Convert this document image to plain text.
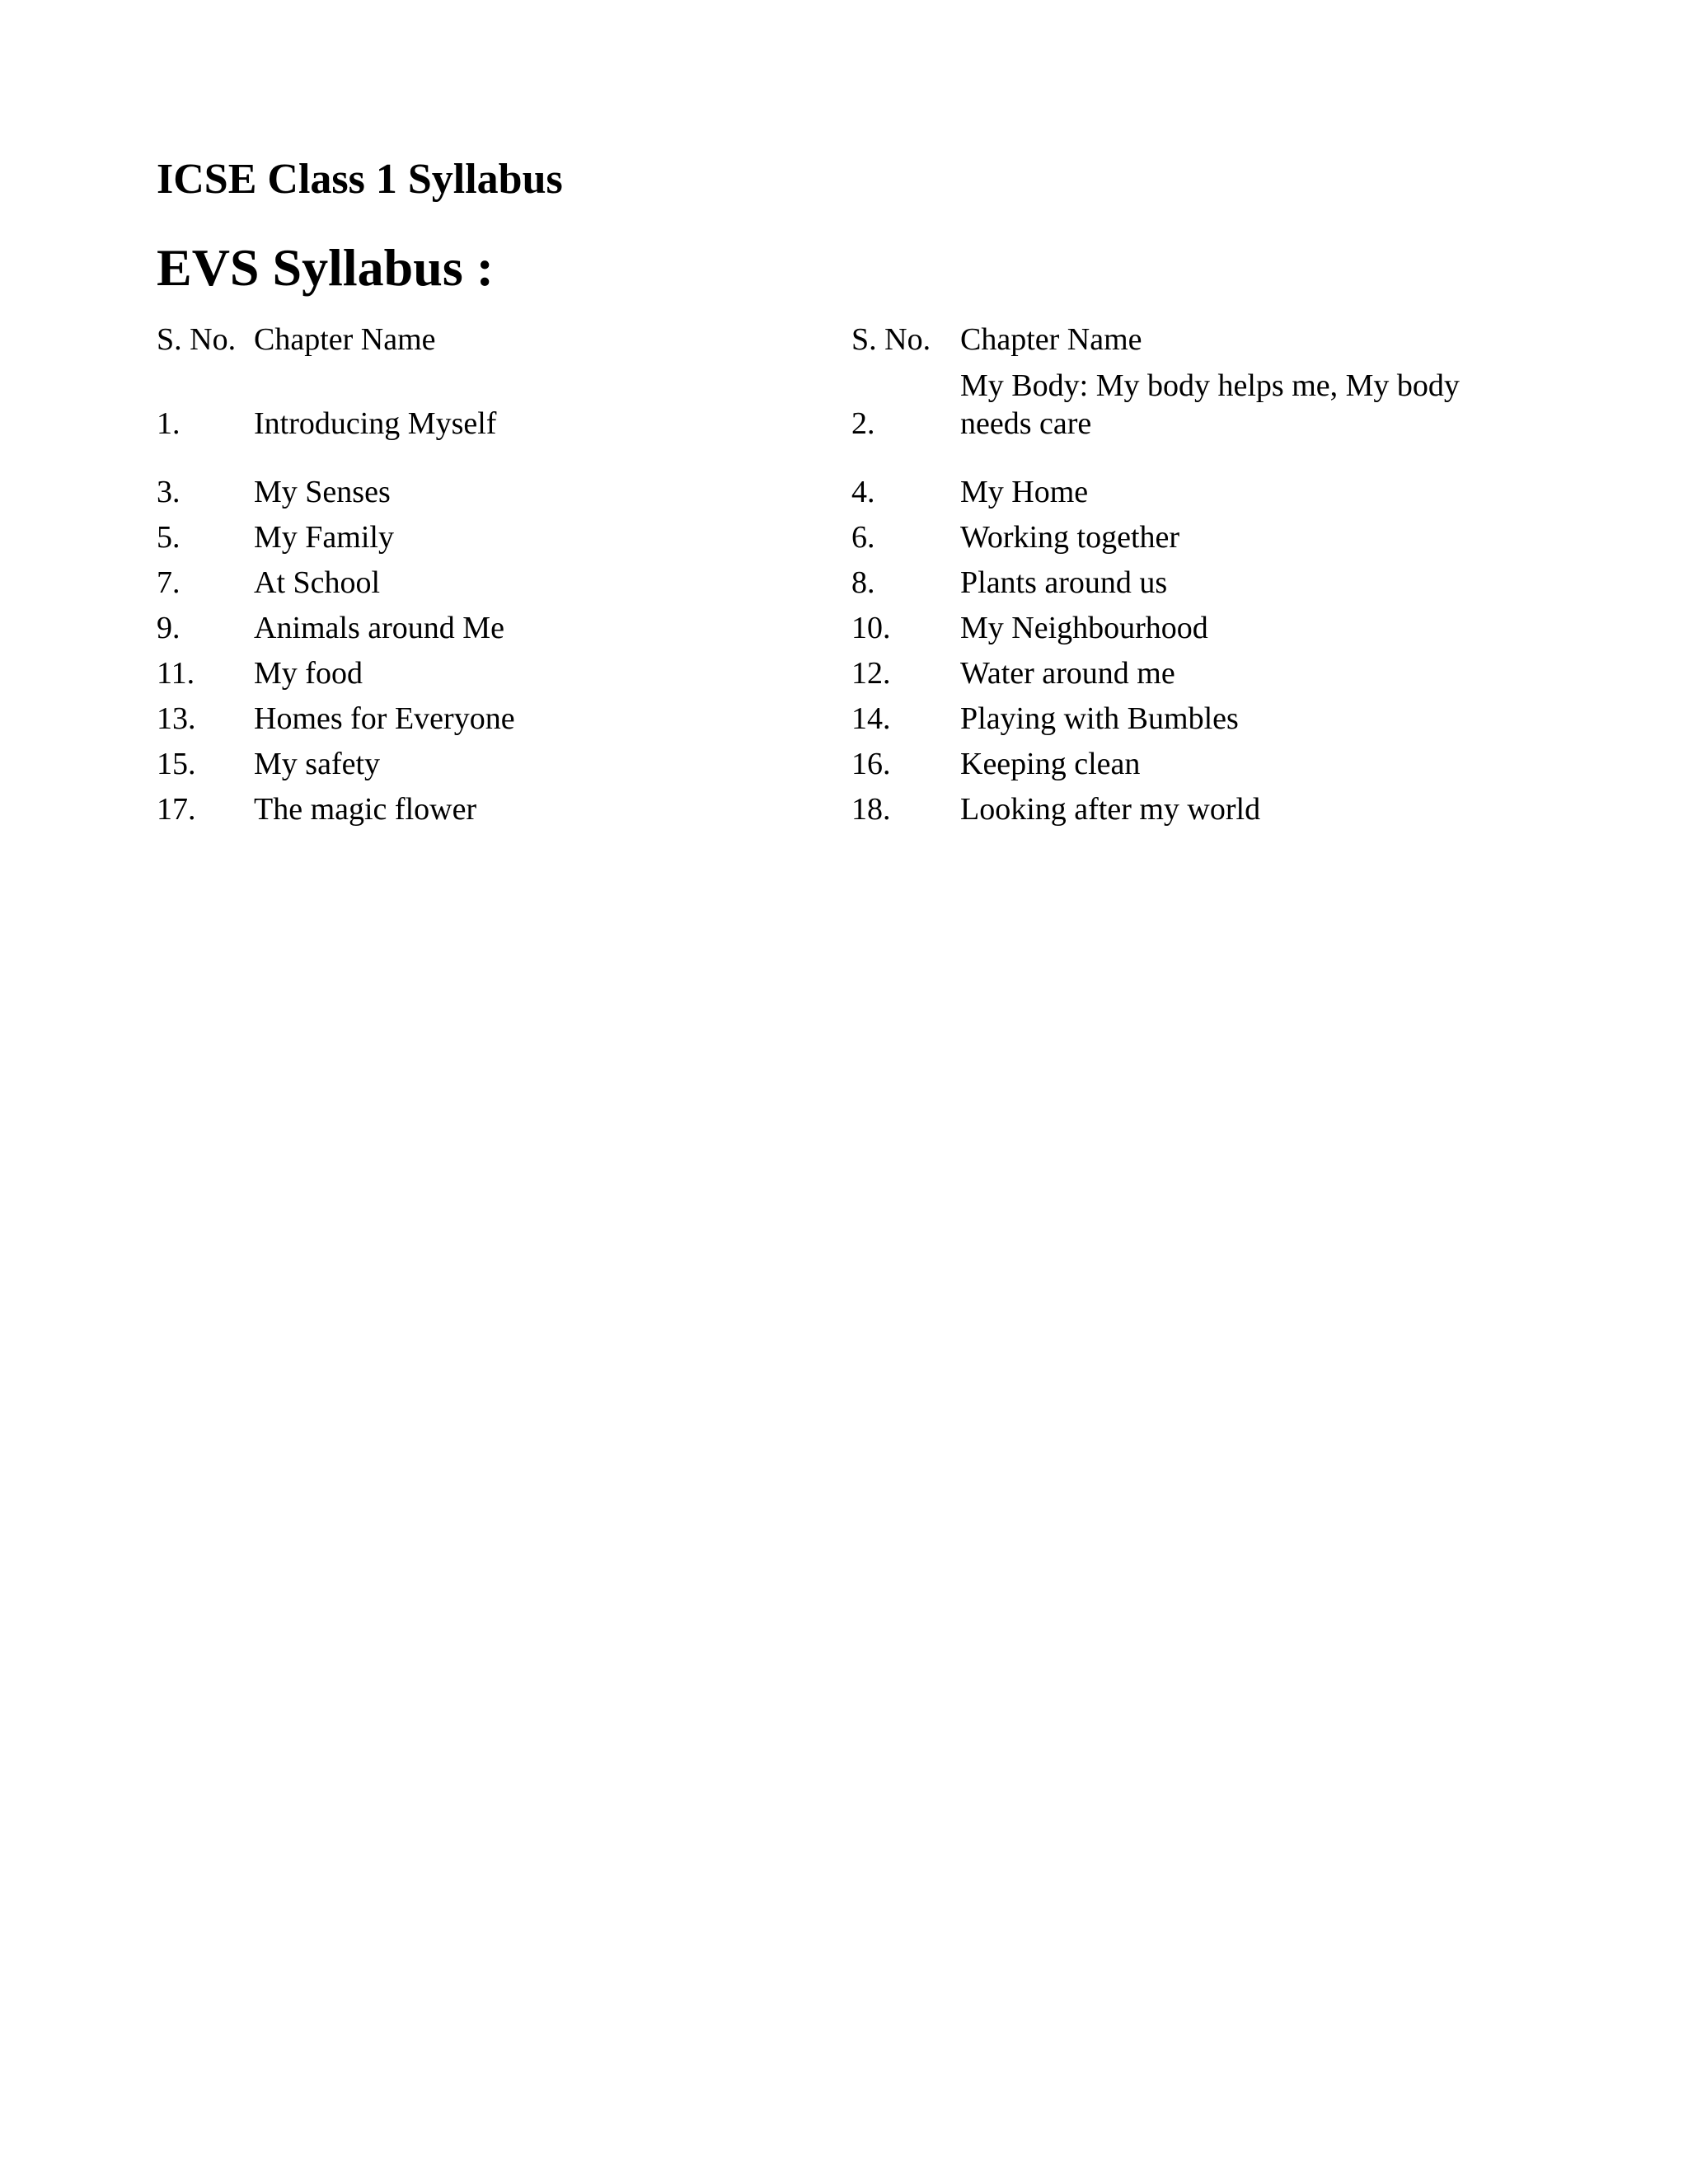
ICSE Class 1 Syllabus
EVS Syllabus :
S. No.	Chapter Name	S. No.	Chapter Name
1.	Introducing Myself	2.	My Body: My body helps me, My body needs care

3.	My Senses	4.	My Home
5.	My Family	6.	Working together
7.	At School	8.	Plants around us
9.	Animals around Me	10.	My Neighbourhood
11.	My food	12.	Water around me
13.	Homes for Everyone	14.	Playing with Bumbles
15.	My safety	16.	Keeping clean
17.	The magic flower	18.	Looking after my world
